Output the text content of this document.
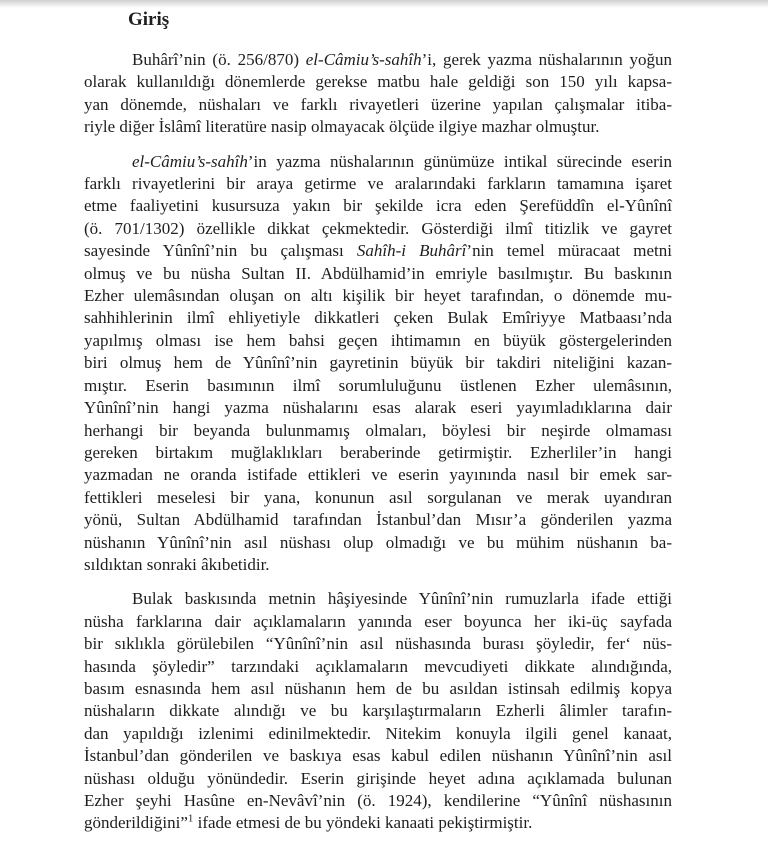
Giriş
Buhârî’nin (ö. 256/870) el-Câmiu’s-sahîh’i, gerek yazma nüshalarının yoğun
olarak kullanıldığı dönemlerde gerekse matbu hale geldiği son 150 yılı kapsa-
yan dönemde, nüshaları ve farklı rivayetleri üzerine yapılan çalışmalar itiba-
riyle diğer İslâmî literatüre nasip olmayacak ölçüde ilgiye mazhar olmuştur.
el-Câmiu’s-sahîh’in yazma nüshalarının günümüze intikal sürecinde eserin
farklı rivayetlerini bir araya getirme ve aralarındaki farkların tamamına işaret
etme faaliyetini kusursuza yakın bir şekilde icra eden Şerefüddîn el-Yûnînî
(ö. 701/1302) özellikle dikkat çekmektedir. Gösterdiği ilmî titizlik ve gayret
sayesinde Yûnînî’nin bu çalışması Sahîh-i Buhârî’nin temel müracaat metni
olmuş ve bu nüsha Sultan II. Abdülhamid’in emriyle basılmıştır. Bu baskının
Ezher ulemâsından oluşan on altı kişilik bir heyet tarafından, o dönemde mu-
sahhihlerinin ilmî ehliyetiyle dikkatleri çeken Bulak Emîriyye Matbaası’nda
yapılmış olması ise hem bahsi geçen ihtimamın en büyük göstergelerinden
biri olmuş hem de Yûnînî’nin gayretinin büyük bir takdiri niteliğini kazan-
mıştır. Eserin basımının ilmî sorumluluğunu üstlenen Ezher ulemâsının,
Yûnînî’nin hangi yazma nüshalarını esas alarak eseri yayımladıklarına dair
herhangi bir beyanda bulunmamış olmaları, böylesi bir neşirde olmaması
gereken birtakım muğlaklıkları beraberinde getirmiştir. Ezherliler’in hangi
yazmadan ne oranda istifade ettikleri ve eserin yayınında nasıl bir emek sar-
fettikleri meselesi bir yana, konunun asıl sorgulanan ve merak uyandıran
yönü, Sultan Abdülhamid tarafından İstanbul’dan Mısır’a gönderilen yazma
nüshanın Yûnînî’nin asıl nüshası olup olmadığı ve bu mühim nüshanın ba-
sıldıktan sonraki âkıbetidir.
Bulak baskısında metnin hâşiyesinde Yûnînî’nin rumuzlarla ifade ettiği
nüsha farklarına dair açıklamaların yanında eser boyunca her iki-üç sayfada
bir sıklıkla görülebilen “Yûnînî’nin asıl nüshasında burası şöyledir, fer‘ nüs-
hasında şöyledir” tarzındaki açıklamaların mevcudiyeti dikkate alındığında,
basım esnasında hem asıl nüshanın hem de bu asıldan istinsah edilmiş kopya
nüshaların dikkate alındığı ve bu karşılaştırmaların Ezherli âlimler tarafın-
dan yapıldığı izlenimi edinilmektedir. Nitekim konuyla ilgili genel kanaat,
İstanbul’dan gönderilen ve baskıya esas kabul edilen nüshanın Yûnînî’nin asıl
nüshası olduğu yönündedir. Eserin girişinde heyet adına açıklamada bulunan
Ezher şeyhi Hasûne en-Nevâvî’nin (ö. 1924), kendilerine “Yûnînî nüshasının
gönderildiğini”$^1$ ifade etmesi de bu yöndeki kanaati pekiştirmiştir.
